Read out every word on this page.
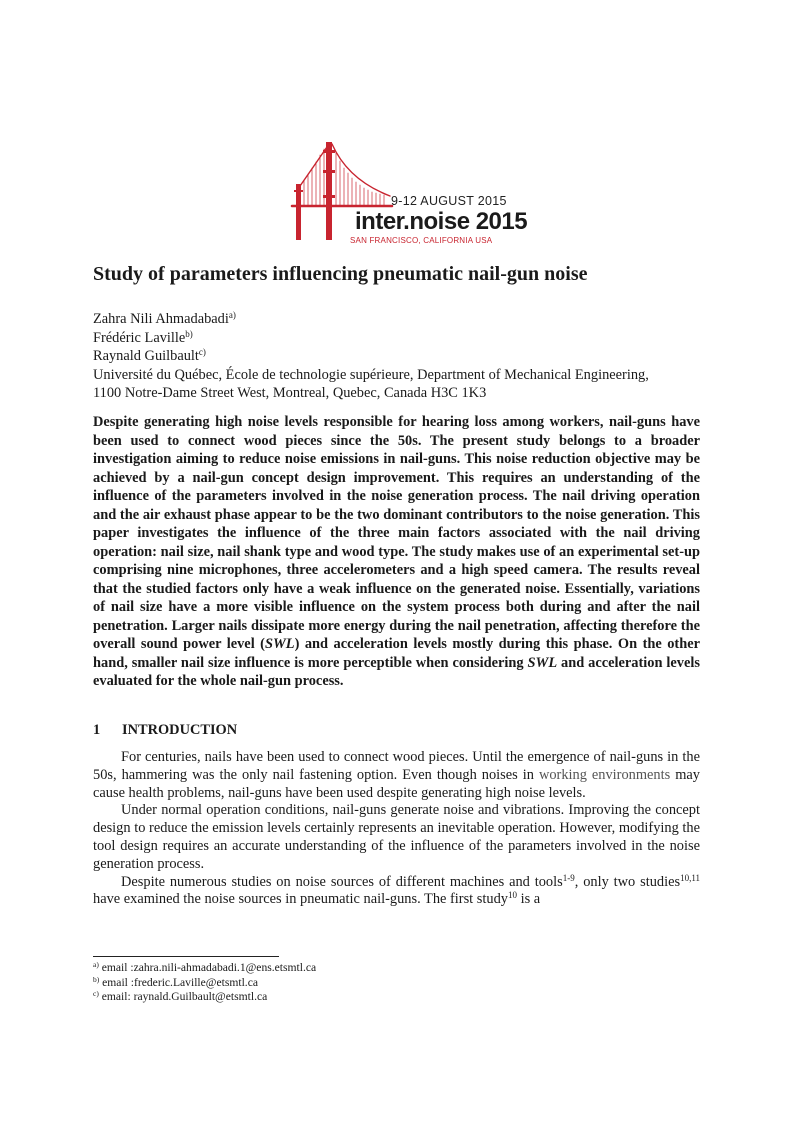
9-12 AUGUST 2015
inter.noise 2015
SAN FRANCISCO, CALIFORNIA USA
Study of parameters influencing pneumatic nail-gun noise
Zahra Nili Ahmadabadi$^{a)}$
Frédéric Laville$^{b)}$
Raynald Guilbault$^{c)}$
Université du Québec, École de technologie supérieure, Department of Mechanical Engineering,
1100 Notre-Dame Street West, Montreal, Quebec, Canada H3C 1K3

Despite generating high noise levels responsible for hearing loss among workers, nail-guns have been used to connect wood pieces since the 50s. The present study belongs to a broader investigation aiming to reduce noise emissions in nail-guns. This noise reduction objective may be achieved by a nail-gun concept design improvement. This requires an understanding of the influence of the parameters involved in the noise generation process. The nail driving operation and the air exhaust phase appear to be the two dominant contributors to the noise generation. This paper investigates the influence of the three main factors associated with the nail driving operation: nail size, nail shank type and wood type. The study makes use of an experimental set-up comprising nine microphones, three accelerometers and a high speed camera. The results reveal that the studied factors only have a weak influence on the generated noise. Essentially, variations of nail size have a more visible influence on the system process both during and after the nail penetration. Larger nails dissipate more energy during the nail penetration, affecting therefore the overall sound power level (SWL) and acceleration levels mostly during this phase. On the other hand, smaller nail size influence is more perceptible when considering SWL and acceleration levels evaluated for the whole nail-gun process.

1 INTRODUCTION

For centuries, nails have been used to connect wood pieces. Until the emergence of nail-guns in the 50s, hammering was the only nail fastening option. Even though noises in working environments may cause health problems, nail-guns have been used despite generating high noise levels.

Under normal operation conditions, nail-guns generate noise and vibrations. Improving the concept design to reduce the emission levels certainly represents an inevitable operation. However, modifying the tool design requires an accurate understanding of the influence of the parameters involved in the noise generation process.

Despite numerous studies on noise sources of different machines and tools$^{1-9}$, only two studies$^{10,11}$ have examined the noise sources in pneumatic nail-guns. The first study$^{10}$ is a

$^{a)}$ email :zahra.nili-ahmadabadi.1@ens.etsmtl.ca
$^{b)}$ email :frederic.Laville@etsmtl.ca
$^{c)}$ email: raynald.Guilbault@etsmtl.ca
